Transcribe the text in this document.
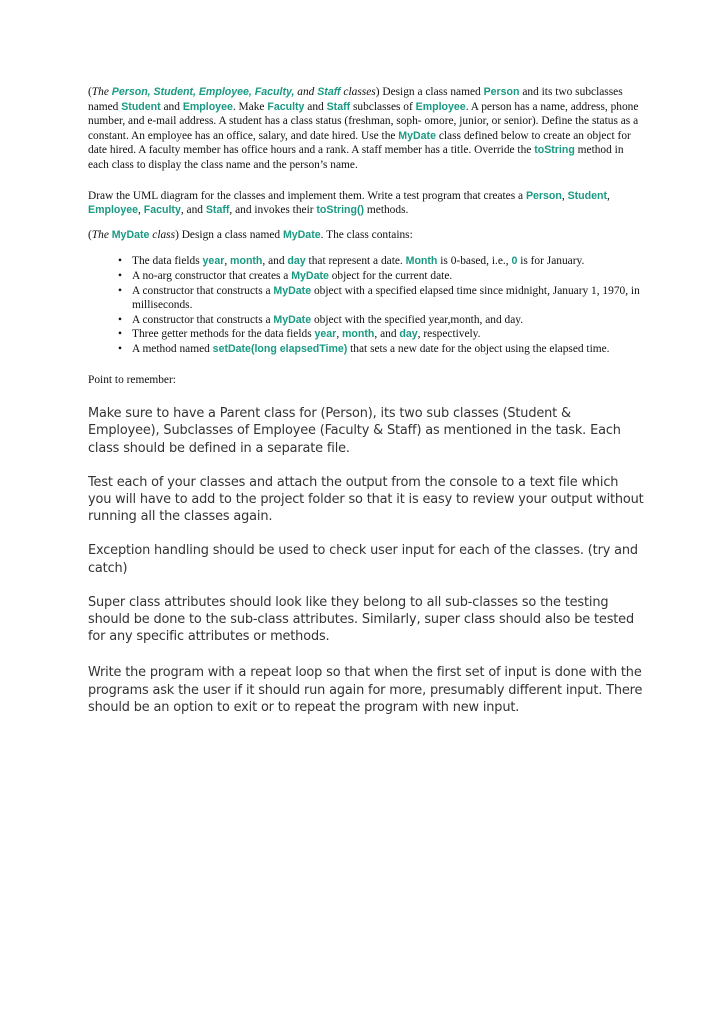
(The Person, Student, Employee, Faculty, and Staff classes) Design a class named Person and its two subclasses named Student and Employee. Make Faculty and Staff subclasses of Employee. A person has a name, address, phone number, and e-mail address. A student has a class status (freshman, soph- omore, junior, or senior). Define the status as a constant. An employee has an office, salary, and date hired. Use the MyDate class defined below to create an object for date hired. A faculty member has office hours and a rank. A staff member has a title. Override the toString method in each class to display the class name and the person’s name.

Draw the UML diagram for the classes and implement them. Write a test program that creates a Person, Student, Employee, Faculty, and Staff, and invokes their toString() methods.

(The MyDate class) Design a class named MyDate. The class contains:

• The data fields year, month, and day that represent a date. Month is 0-based, i.e., 0 is for January.
• A no-arg constructor that creates a MyDate object for the current date.
• A constructor that constructs a MyDate object with a specified elapsed time since midnight, January 1, 1970, in milliseconds.
• A constructor that constructs a MyDate object with the specified year,month, and day.
• Three getter methods for the data fields year, month, and day, respectively.
• A method named setDate(long elapsedTime) that sets a new date for the object using the elapsed time.

Point to remember:

Make sure to have a Parent class for (Person), its two sub classes (Student & Employee), Subclasses of Employee (Faculty & Staff) as mentioned in the task. Each class should be defined in a separate file.

Test each of your classes and attach the output from the console to a text file which you will have to add to the project folder so that it is easy to review your output without running all the classes again.

Exception handling should be used to check user input for each of the classes. (try and catch)

Super class attributes should look like they belong to all sub-classes so the testing should be done to the sub-class attributes. Similarly, super class should also be tested for any specific attributes or methods.

Write the program with a repeat loop so that when the first set of input is done with the programs ask the user if it should run again for more, presumably different input. There should be an option to exit or to repeat the program with new input.
